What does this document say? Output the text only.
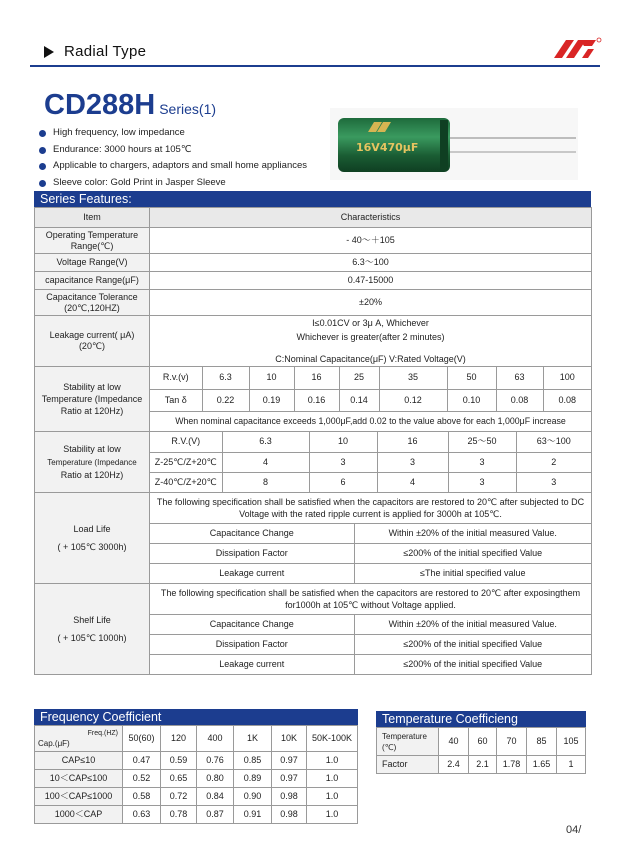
Radial Type
CD288H Series(1)
High frequency, low impedance
Endurance: 3000 hours at 105℃
Applicable to chargers, adaptors and small home appliances
Sleeve color: Gold Print in Jasper Sleeve
16V470μF
Series Features:
Item	Characteristics
Operating Temperature Range(℃)	- 40～＋105
Voltage Range(V)	6.3～100
capacitance Range(μF)	0.47-15000
Capacitance Tolerance (20℃,120HZ)	±20%
Leakage current( μA) (20℃)	
I≤0.01CV or 3μ A, Whichever
Whichever is greater(after 2 minutes)
C:Nominal Capacitance(μF) V:Rated Voltage(V)

Stability at low Temperature (Impedance Ratio at 120Hz)	
R.v.(v)	6.3	10	16	25	35	50	63	100
Tan δ	0.22	0.19	0.16	0.14	0.12	0.10	0.08	0.08
When nominal capacitance exceeds 1,000μF,add 0.02 to the value above for each 1,000μF increase

Stability at low
Temperature (Impedance
Ratio at 120Hz)

R.V.(V)	6.3	10	16	25～50	63～100
Z-25℃/Z+20℃	4	3	3	3	2
Z-40℃/Z+20℃	8	6	4	3	3

Load Life
( + 105℃ 3000h)

The following specification shall be satisfied when the capacitors are restored to 20℃ after subjected to DC Voltage with the rated ripple current is applied for 3000h at 105℃.
Capacitance Change	Within ±20% of the initial measured Value.
Dissipation Factor	≤200% of the initial specified Value
Leakage current	≤The initial specified value

Shelf Life
( + 105℃ 1000h)

The following specification shall be satisfied when the capacitors are restored to 20℃ after exposingthem for1000h at 105℃ without Voltage applied.
Capacitance Change	Within ±20% of the initial measured Value.
Dissipation Factor	≤200% of the initial specified Value
Leakage current	≤200% of the initial specified Value
Frequency Coefficient
Freq.(HZ)
Cap.(μF)	50(60)	120	400	1K	10K	50K-100K
CAP≤10	0.47	0.59	0.76	0.85	0.97	1.0
10＜CAP≤100	0.52	0.65	0.80	0.89	0.97	1.0
100＜CAP≤1000	0.58	0.72	0.84	0.90	0.98	1.0
1000＜CAP	0.63	0.78	0.87	0.91	0.98	1.0
Temperature Coefficieng
Temperature (℃)	40	60	70	85	105
Factor	2.4	2.1	1.78	1.65	1
04/
